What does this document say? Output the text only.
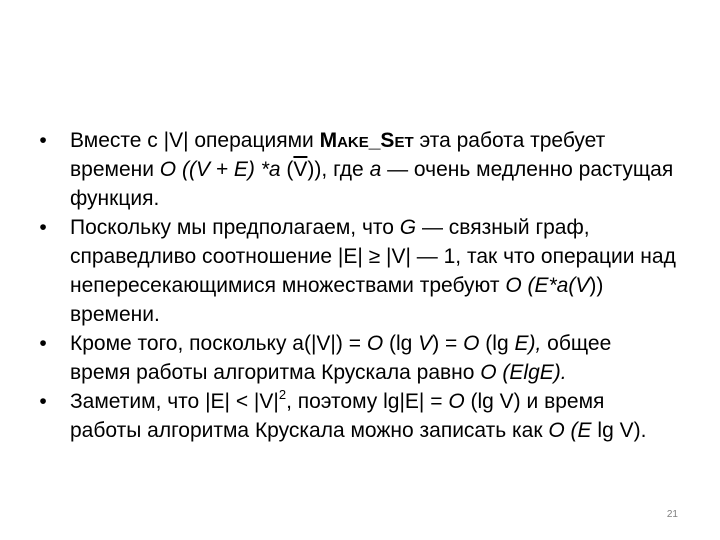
• Вместе с |V| операциями Make_Set эта работа требует времени O ((V + E) *a $(\overline{V})$), где a — очень медленно растущая функция.
• Поскольку мы предполагаем, что G — связный граф, справедливо соотношение |E| ≥ |V| — 1, так что операции над непересекающимися множествами требуют O (E*a(V)) времени.
• Кроме того, поскольку a(|V|) = O (lg V) = O (lg E), общее время работы алгоритма Крускала равно O (ElgE).
• Заметим, что $|E| < |V|^2$, поэтому lg|E| = O (lg V) и время работы алгоритма Крускала можно записать как O (E lg V).
21
